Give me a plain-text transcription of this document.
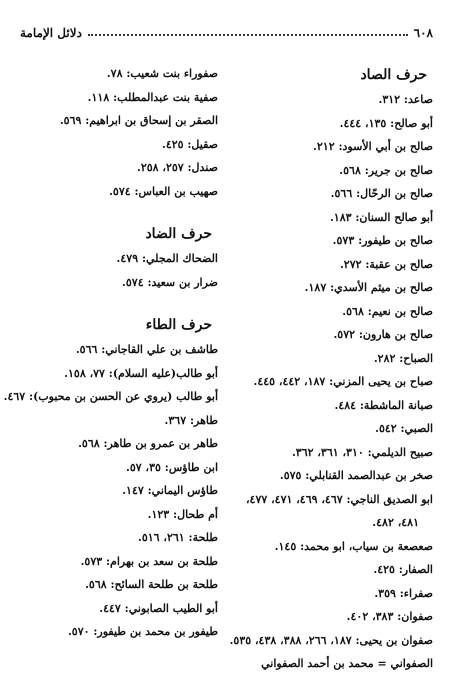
٦٠٨
دلائل الإمامة
حرف الصاد
صاعد: ٣١٢.
أبو صالح: ١٣٥، ٤٤٤.
صالح بن أبي الأسود: ٢١٢.
صالح بن جرير: ٥٦٨.
صالح بن الرحّال: ٥٦٦.
أبو صالح السنان: ١٨٣.
صالح بن طيفور: ٥٧٣.
صالح بن عقبة: ٢٧٢.
صالح بن ميثم الأسدي: ١٨٧.
صالح بن نعيم: ٥٦٨.
صالح بن هارون: ٥٧٢.
الصباح: ٢٨٢.
صباح بن يحيى المزني: ١٨٧، ٤٤٢، ٤٤٥.
صبانة الماشطة: ٤٨٤.
الصبي: ٥٤٢.
صبيح الديلمي: ٣١٠، ٣٦١، ٣٦٢.
صخر بن عبدالصمد القنابلي: ٥٧٥.
ابو الصديق الناجي: ٤٦٧، ٤٦٩، ٤٧١، ٤٧٧،
٤٨١، ٤٨٢.
صعصعة بن سياب، ابو محمد: ١٤٥.
الصفار: ٤٢٥.
صفراء: ٣٥٩.
صفوان: ٣٨٣، ٤٠٢.
صفوان بن يحيى: ١٨٧، ٢٦٦، ٣٨٨، ٤٣٨، ٥٣٥.
الصفواني = محمد بن أحمد الصفواني
صفوراء بنت شعيب: ٧٨.
صفية بنت عبدالمطلب: ١١٨.
الصقر بن إسحاق بن ابراهيم: ٥٦٩.
صقيل: ٤٢٥.
صندل: ٢٥٧، ٢٥٨.
صهيب بن العباس: ٥٧٤.
حرف الضاد
الضحاك المجلي: ٤٧٩.
ضرار بن سعيد: ٥٧٤.
حرف الطاء
طاشف بن علي القاجاني: ٥٦٦.
أبو طالب(عليه السلام): ٧٧، ١٥٨.
أبو طالب (يروي عن الحسن بن محبوب): ٤٦٧.
طاهر: ٣٦٧.
طاهر بن عمرو بن طاهر: ٥٦٨.
ابن طاؤس: ٣٥، ٥٧.
طاؤس اليماني: ١٤٧.
أم طحال: ١٢٣.
طلحة: ٢٦١، ٥١٦.
طلحة بن سعد بن بهرام: ٥٧٣.
طلحة بن طلحة السائح: ٥٦٨.
أبو الطيب الصابوني: ٤٤٧.
طيفور بن محمد بن طيفور: ٥٧٠.
